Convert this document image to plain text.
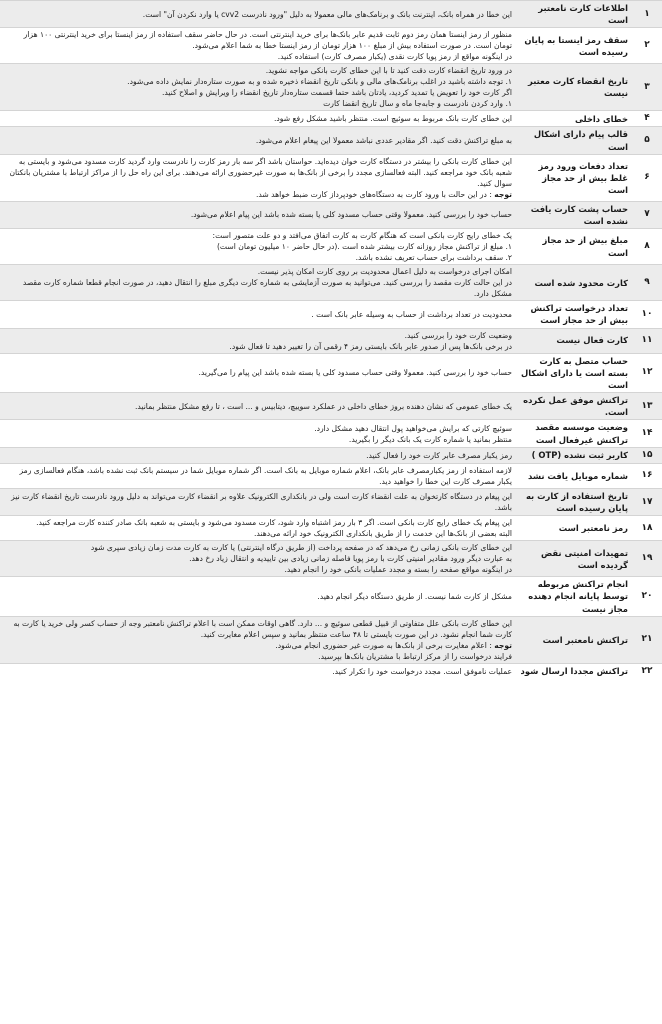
۱	اطلاعات کارت نامعتبر است	این خطا در همراه بانک، اینترنت بانک و برنامک‌های مالی معمولا به دلیل "ورود نادرست cvv2 یا وارد نکردن آن" است.

۲	سقف رمز اینستا به پایان رسیده است	منظور از رمز اینستا همان رمز دوم ثابت قدیم عابر بانک‌ها برای خرید اینترنتی است. در حال حاضر سقف استفاده از رمز اینستا برای خرید اینترنتی ۱۰۰ هزار تومان است. در صورت استفاده بیش از مبلغ ۱۰۰ هزار تومان از رمز اینستا خطا به شما اعلام می‌شود.

در اینگونه مواقع از رمز پویا کارت نقدی (یکبار مصرف کارت) استفاده کنید.

۳	تاریخ انقضاء کارت معتبر نیست	در ورود تاریخ انقضاء کارت دقت کنید تا با این خطای کارت بانکی مواجه نشوید.

۱. توجه داشته باشید در اغلب برنامک‌های مالی و بانکی تاریخ انقضاء ذخیره شده و به صورت ستاره‌دار نمایش داده می‌شود.

اگر کارت خود را تعویض یا تمدید کردید، یادتان باشد حتما قسمت ستاره‌دار تاریخ انقضاء را ویرایش و اصلاح کنید.

۱. وارد کردن نادرست و جابه‌جا ماه و سال تاریخ انقضا کارت

۴	خطای داخلی	این خطای کارت بانک مربوط به سوئیچ است. منتظر باشید مشکل رفع شود.

۵	قالب پیام دارای اشکال است	به مبلغ تراکنش دقت کنید. اگر مقادیر عددی نباشد معمولا این پیغام اعلام می‌شود.

۶	تعداد دفعات ورود رمز غلط بیش از حد مجاز است	این خطای کارت بانکی را بیشتر در دستگاه کارت خوان دیده‌اید. حواستان باشد اگر سه بار رمز کارت را نادرست وارد گردید کارت مسدود می‌شود و بایستی به شعبه بانک خود مراجعه کنید. البته فعالسازی مجدد را برخی از بانک‌ها به صورت غیرحضوری ارائه می‌دهند. برای این راه حل را از مراکز ارتباط با مشتریان بانکتان سوال کنید.

توجه : در این حالت با ورود کارت به دستگاه‌های خودپرداز کارت ضبط خواهد شد.

۷	حساب پشت کارت یافت نشده است	حساب خود را بررسی کنید. معمولا وقتی حساب مسدود کلی یا بسته شده باشد این پیام اعلام می‌شود.

۸	مبلغ بیش از حد مجاز است	یک خطای رایج کارت بانکی است که هنگام کارت به کارت اتفاق می‌افتد و دو علت متصور است:

۱. مبلغ از تراکنش مجاز روزانه کارت بیشتر شده است .(در حال حاضر ۱۰ میلیون تومان است)

۲. سقف برداشت برای حساب تعریف نشده باشد.

۹	کارت محدود شده است	امکان اجرای درخواست به دلیل اعمال محدودیت بر روی کارت امکان پذیر نیست.

در این حالت کارت مقصد را بررسی کنید. می‌توانید به صورت آزمایشی به شماره کارت دیگری مبلغ را انتقال دهید، در صورت انجام قطعا شماره کارت مقصد مشکل دارد.

۱۰	تعداد درخواست تراکنش بیش از حد مجاز است	محدودیت در تعداد برداشت از حساب به وسیله عابر بانک است .

۱۱	کارت فعال نیست	وضعیت کارت خود را بررسی کنید.

در برخی بانک‌ها پس از صدور عابر بانک بایستی رمز ۴ رقمی آن را تغییر دهید تا فعال شود.

۱۲	حساب متصل به کارت بسته است یا دارای اشکال است	حساب خود را بررسی کنید. معمولا وقتی حساب مسدود کلی یا بسته شده باشد این پیام را می‌گیرید.

۱۳	تراکنش موفق عمل نکرده است.	یک خطای عمومی که نشان دهنده بروز خطای داخلی در عملکرد سوییچ، دیتابیس و ... است ، تا رفع مشکل منتظر بمانید.

۱۴	وضعیت موسسه مقصد تراکنش غیرفعال است	سوئیچ کارتی که برایش می‌خواهید پول انتقال دهید مشکل دارد.

منتظر بمانید یا شماره کارت یک بانک دیگر را بگیرید.

۱۵	کاربر ثبت نشده (OTP )	رمز یکبار مصرف عابر کارت خود را فعال کنید.

۱۶	شماره موبایل یافت نشد	لازمه استفاده از رمز یکبارمصرف عابر بانک، اعلام شماره موبایل به بانک است. اگر شماره موبایل شما در سیستم بانک ثبت نشده باشد، هنگام فعالسازی رمز یکبار مصرف کارت این خطا را خواهید دید.

۱۷	تاریخ استفاده از کارت به پایان رسیده است	این پیغام در دستگاه کارتخوان به علت انقضاء کارت است ولی در بانکداری الکترونیک علاوه بر انقضاء کارت می‌تواند به دلیل ورود نادرست تاریخ انقضاء کارت نیز باشد.

۱۸	رمز نامعتبر است	این پیغام یک خطای رایج کارت بانکی است. اگر ۳ بار رمز اشتباه وارد شود، کارت مسدود می‌شود و بایستی به شعبه بانک صادر کننده کارت مراجعه کنید.

البته بعضی از بانک‌ها این خدمت را از طریق بانکداری الکترونیک خود ارائه می‌دهند.

۱۹	تمهیدات امنیتی نقض گردیده است	این خطای کارت بانکی زمانی رخ می‌دهد که در صفحه پرداخت (از طریق درگاه اینترنتی) یا کارت به کارت مدت زمان زیادی سپری شود

به عبارت دیگر ورود مقادیر امنیتی کارت با رمز پویا فاصله زمانی زیادی بین تاییدیه و انتقال زیاد رخ دهد.

در اینگونه مواقع صفحه را بسته و مجدد عملیات بانکی خود را انجام دهید.

۲۰	انجام تراکنش مربوطه توسط پایانه انجام دهنده مجاز نیست	مشکل از کارت شما نیست. از طریق دستگاه دیگر انجام دهید.

۲۱	تراکنش نامعتبر است	این خطای کارت بانکی علل متفاوتی از قبیل قطعی سوئیچ و ... دارد. گاهی اوقات ممکن است با اعلام تراکنش نامعتبر وجه از حساب کسر ولی خرید یا کارت به کارت شما انجام نشود. در این صورت بایستی تا ۴۸ ساعت منتظر بمانید و سپس اعلام مغایرت کنید.

توجه : اعلام مغایرت برخی از بانک‌ها به صورت غیر حضوری انجام می‌شود.

فرایند درخواست را از مرکز ارتباط با مشتریان بانک‌ها بپرسید.

۲۲	تراکنش مجددا ارسال شود	عملیات ناموفق است. مجدد درخواست خود را تکرار کنید.
